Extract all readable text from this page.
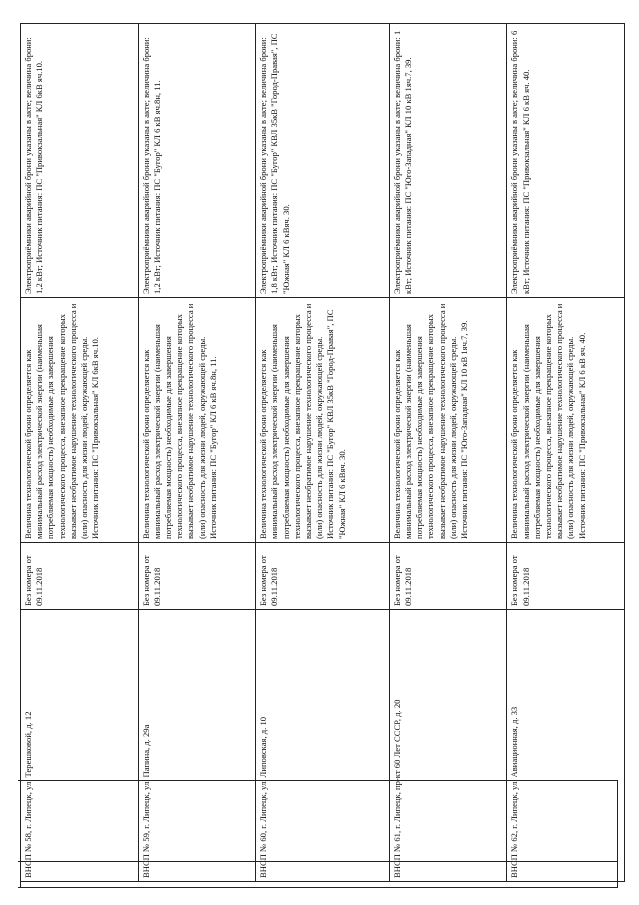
ВНСП № 58, г. Липецк, ул. Терешковой, д. 12	Без номера от 09.11.2018	Величина технологической брони определяется как минимальный расход электрической энергии (наименьшая потребляемая мощность) необходимые для завершения технологического процесса, внезапное прекращение которых вызывает необратимое нарушение технологического процесса и (или) опасность для жизни людей, окружающей среды. Источник питания: ПС "Привокзальная" КЛ 6кВ яч.10.	Электроприёмники аварийной брони указаны в акте; величина брони: 1,2 кВт; Источник питания: ПС "Привокзальная" КЛ 6кВ яч.10.
ВНСП № 59, г. Липецк, ул. Папина, д. 29а	Без номера от 09.11.2018	Величина технологической брони определяется как минимальный расход электрической энергии (наименьшая потребляемая мощность) необходимые для завершения технологического процесса, внезапное прекращение которых вызывает необратимое нарушение технологического процесса и (или) опасность для жизни людей, окружающей среды. Источник питания: ПС "Бугор" КЛ 6 кВ яч.8н, 11.	Электроприёмники аварийной брони указаны в акте; величина брони: 1,2 кВт; Источник питания: ПС "Бугор" КЛ 6 кВ яч.8н, 11.
ВНСП № 60, г. Липецк, ул. Липовская, д. 10	Без номера от 09.11.2018	Величина технологической брони определяется как минимальный расход электрической энергии (наименьшая потребляемая мощность) необходимые для завершения технологического процесса, внезапное прекращение которых вызывает необратимое нарушение технологического процесса и (или) опасность для жизни людей, окружающей среды. Источник питания: ПС "Бугор" КВЛ 35кВ "Город-Правая", ПС "Южная" КЛ 6 кВяч. 30.	Электроприёмники аварийной брони указаны в акте; величина брони: 1,8 кВт; Источник питания: ПС "Бугор" КВЛ 35кВ "Город-Правая", ПС "Южная" КЛ 6 кВяч. 30.
ВНСП № 61, г. Липецк, пр-кт 60 Лет СССР, д. 20	Без номера от 09.11.2018	Величина технологической брони определяется как минимальный расход электрической энергии (наименьшая потребляемая мощность) необходимые для завершения технологического процесса, внезапное прекращение которых вызывает необратимое нарушение технологического процесса и (или) опасность для жизни людей, окружающей среды. Источник питания: ПС "Юго-Западная" КЛ 10 кВ 1яч.7, 39.	Электроприёмники аварийной брони указаны в акте; величина брони: 1 кВт; Источник питания: ПС "Юго-Западная" КЛ 10 кВ 1яч.7, 39.
ВНСП № 62, г. Липецк, ул. Авиационная, д. 33	Без номера от 09.11.2018	Величина технологической брони определяется как минимальный расход электрической энергии (наименьшая потребляемая мощность) необходимые для завершения технологического процесса, внезапное прекращение которых вызывает необратимое нарушение технологического процесса и (или) опасность для жизни людей, окружающей среды. Источник питания: ПС "Привокзальная" КЛ 6 кВ яч. 40.	Электроприёмники аварийной брони указаны в акте; величина брони: 6 кВт; Источник питания: ПС "Привокзальная" КЛ 6 кВ яч. 40.
